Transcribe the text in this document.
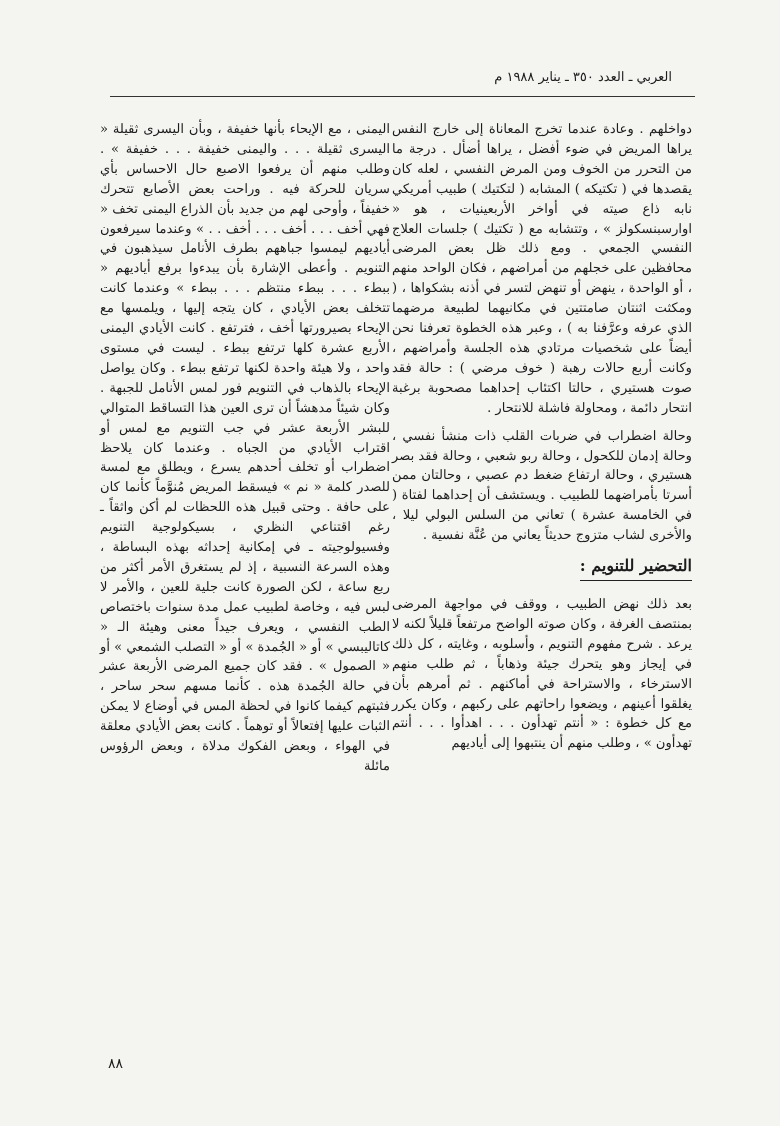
العربي ـ العدد ٣٥٠ ـ يناير ١٩٨٨ م

دواخلهم . وعادة عندما تخرج المعاناة إلى خارج النفس يراها المريض في ضوء أفضل ، يراها أضأل . درجة ما من التحرر من الخوف ومن المرض النفسي ، لعله كان يقصدها في ( تكتيكه ) المشابه ( لتكتيك ) طبيب أمريكي نابه ذاع صيته في أواخر الأربعينيات ، هو « اوارسبنسكولز » ، وتتشابه مع ( تكتيك ) جلسات العلاج النفسي الجمعي . ومع ذلك ظل بعض المرضى محافظين على خجلهم من أمراضهم ، فكان الواحد منهم ، أو الواحدة ، ينهض أو تنهض لتسر في أذنه بشكواها ، ( ومكثت اثنتان صامتتين في مكانيهما لطبيعة مرضهما الذي عرفه وعرَّفنا به ) ، وعبر هذه الخطوة تعرفنا نحن أيضاً على شخصيات مرتادي هذه الجلسة وأمراضهم ، وكانت أربع حالات رهبة ( خوف مرضي ) : حالة فقد صوت هستيري ، حالتا اكتئاب إحداهما مصحوبة برغبة انتحار دائمة ، ومحاولة فاشلة للانتحار .

وحالة اضطراب في ضربات القلب ذات منشأ نفسي ، وحالة إدمان للكحول ، وحالة ربو شعبي ، وحالة فقد بصر هستيري ، وحالة ارتفاع ضغط دم عصبي ، وحالتان ممن أسرتا بأمراضهما للطبيب . ويستشف أن إحداهما لفتاة ( في الخامسة عشرة ) تعاني من السلس البولي ليلا ، والأخرى لشاب متزوج حديثاً يعاني من عُنَّة نفسية .

التحضير للتنويم :

بعد ذلك نهض الطبيب ، ووقف في مواجهة المرضى بمنتصف الغرفة ، وكان صوته الواضح مرتفعاً قليلاً لكنه لا يرعد . شرح مفهوم التنويم ، وأسلوبه ، وغايته ، كل ذلك في إيجاز وهو يتحرك جيئة وذهاباً ، ثم طلب منهم الاسترخاء ، والاستراحة في أماكنهم . ثم أمرهم بأن يغلقوا أعينهم ، ويضعوا راحاتهم على ركبهم ، وكان يكرر مع كل خطوة : « أنتم تهدأون . . . اهدأوا . . . أنتم تهدأون » ، وطلب منهم أن ينتبهوا إلى أياديهم

اليمنى ، مع الإيحاء بأنها خفيفة ، وبأن اليسرى ثقيلة « اليسرى ثقيلة . . . واليمنى خفيفة . . . خفيفة » . وطلب منهم أن يرفعوا الاصبع حال الاحساس بأي سريان للحركة فيه . وراحت بعض الأصابع تتحرك خفيفاً ، وأوحى لهم من جديد بأن الذراع اليمنى تخف « فهي أخف . . . أخف . . . أخف . . » وعندما سيرفعون أياديهم ليمسوا جباههم بطرف الأنامل سيذهبون في التنويم . وأعطى الإشارة بأن يبدءوا برفع أياديهم « ببطء . . . ببطء منتظم . . . ببطء » وعندما كانت تتخلف بعض الأيادي ، كان يتجه إليها ، ويلمسها مع الإيحاء بصيرورتها أخف ، فترتفع . كانت الأيادي اليمنى الأربع عشرة كلها ترتفع ببطء . ليست في مستوى واحد ، ولا هيئة واحدة لكنها ترتفع ببطء . وكان يواصل الإيحاء بالذهاب في التنويم فور لمس الأنامل للجبهة . وكان شيئاً مدهشاً أن ترى العين هذا التساقط المتوالي للبشر الأربعة عشر في جب التنويم مع لمس أو اقتراب الأيادي من الجباه . وعندما كان يلاحظ اضطراب أو تخلف أحدهم يسرع ، ويطلق مع لمسة للصدر كلمة « نم » فيسقط المريض مُنوَّماً كأنما كان على حافة . وحتى قبيل هذه اللحظات لم أكن واثقاً ـ رغم اقتناعي النظري ، بسيكولوجية التنويم وفسيولوجيته ـ في إمكانية إحداثه بهذه البساطة ، وهذه السرعة النسبية ، إذ لم يستغرق الأمر أكثر من ربع ساعة ، لكن الصورة كانت جلية للعين ، والأمر لا لبس فيه ، وخاصة لطبيب عمل مدة سنوات باختصاص الطب النفسي ، ويعرف جيداً معنى وهيئة الـ « كاتاليبسي » أو « الجُمدة » أو « التصلب الشمعي » أو « الصمول » . فقد كان جميع المرضى الأربعة عشر في حالة الجُمدة هذه . كأنما مسهم سحر ساحر ، فثبتهم كيفما كانوا في لحظة المس في أوضاع لا يمكن الثبات عليها إفتعالاً أو توهماً . كانت بعض الأيادي معلقة في الهواء ، وبعض الفكوك مدلاة ، وبعض الرؤوس مائلة

٨٨
